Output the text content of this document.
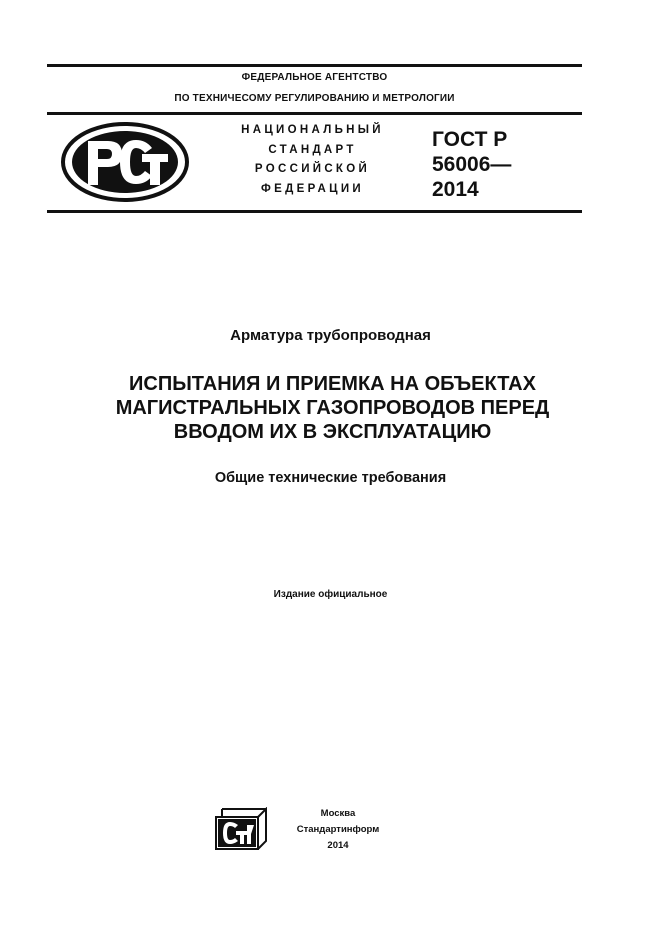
ФЕДЕРАЛЬНОЕ АГЕНТСТВО
ПО ТЕХНИЧЕСОМУ РЕГУЛИРОВАНИЮ И МЕТРОЛОГИИ
НАЦИОНАЛЬНЫЙ
СТАНДАРТ
РОССИЙСКОЙ
ФЕДЕРАЦИИ
ГОСТ Р
56006—
2014
Арматура трубопроводная
ИСПЫТАНИЯ И ПРИЕМКА НА ОБЪЕКТАХ
МАГИСТРАЛЬНЫХ ГАЗОПРОВОДОВ ПЕРЕД
ВВОДОМ ИХ В ЭКСПЛУАТАЦИЮ
Общие технические требования
Издание официальное
Москва
Стандартинформ
2014
